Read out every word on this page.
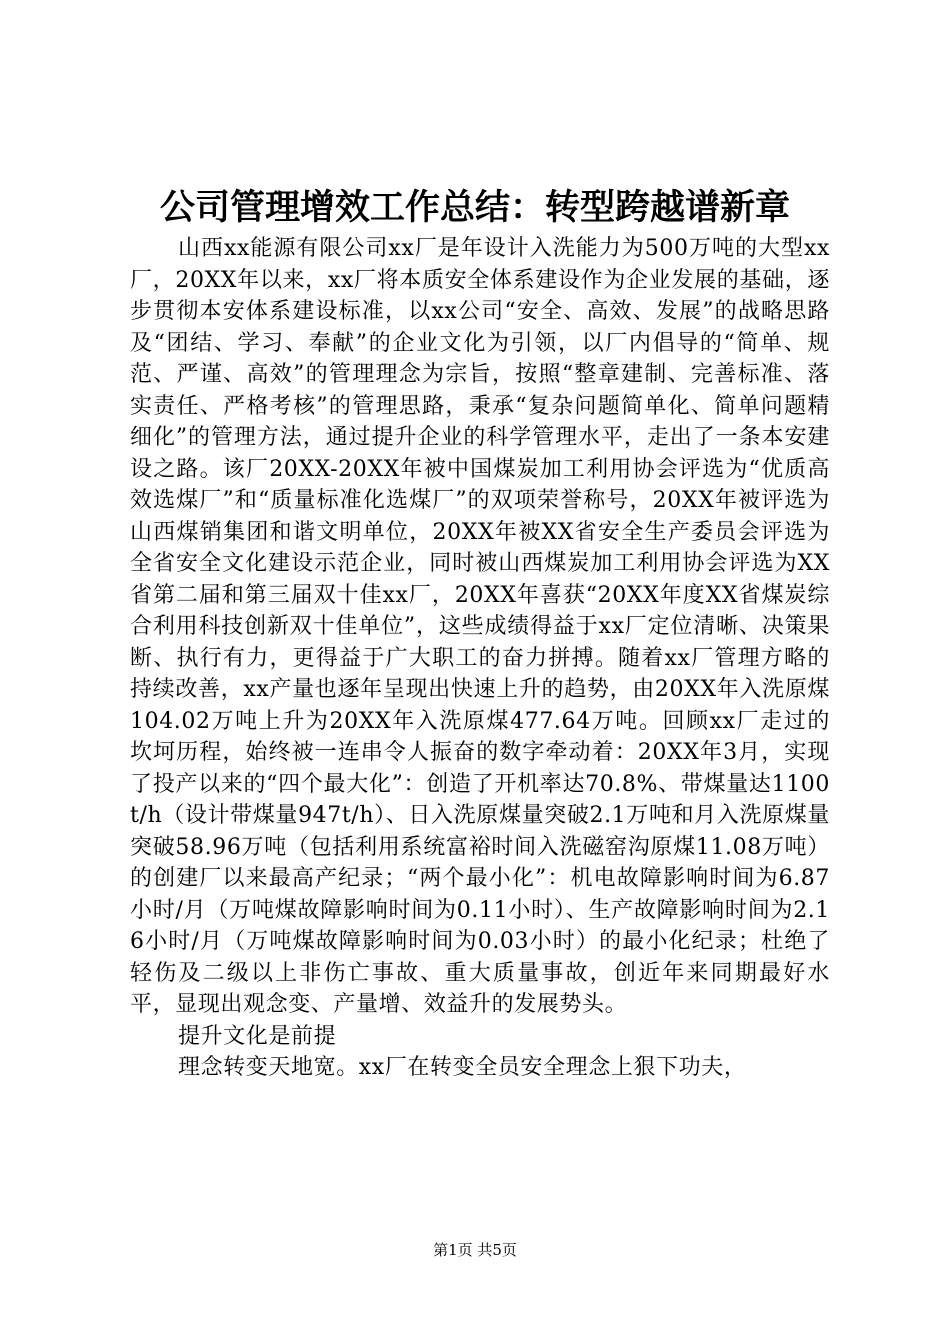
公司管理增效工作总结：转型跨越谱新章

山西xx能源有限公司xx厂是年设计入洗能力为500万吨的大型xx厂，20XX年以来，xx厂将本质安全体系建设作为企业发展的基础，逐步贯彻本安体系建设标准，以xx公司“安全、高效、发展”的战略思路及“团结、学习、奉献”的企业文化为引领，以厂内倡导的“简单、规范、严谨、高效”的管理理念为宗旨，按照“整章建制、完善标准、落实责任、严格考核”的管理思路，秉承“复杂问题简单化、简单问题精细化”的管理方法，通过提升企业的科学管理水平，走出了一条本安建设之路。该厂20XX-20XX年被中国煤炭加工利用协会评选为“优质高效选煤厂”和“质量标准化选煤厂”的双项荣誉称号，20XX年被评选为山西煤销集团和谐文明单位，20XX年被XX省安全生产委员会评选为全省安全文化建设示范企业，同时被山西煤炭加工利用协会评选为XX省第二届和第三届双十佳xx厂，20XX年喜获“20XX年度XX省煤炭综合利用科技创新双十佳单位”，这些成绩得益于xx厂定位清晰、决策果断、执行有力，更得益于广大职工的奋力拼搏。随着xx厂管理方略的持续改善，xx产量也逐年呈现出快速上升的趋势，由20XX年入洗原煤104.02万吨上升为20XX年入洗原煤477.64万吨。回顾xx厂走过的坎坷历程，始终被一连串令人振奋的数字牵动着：20XX年3月，实现了投产以来的“四个最大化”：创造了开机率达70.8%、带煤量达1100t/h（设计带煤量947t/h）、日入洗原煤量突破2.1万吨和月入洗原煤量突破58.96万吨（包括利用系统富裕时间入洗磁窑沟原煤11.08万吨）的创建厂以来最高产纪录；“两个最小化”：机电故障影响时间为6.87小时/月（万吨煤故障影响时间为0.11小时）、生产故障影响时间为2.16小时/月（万吨煤故障影响时间为0.03小时）的最小化纪录；杜绝了轻伤及二级以上非伤亡事故、重大质量事故，创近年来同期最好水平，显现出观念变、产量增、效益升的发展势头。

提升文化是前提

理念转变天地宽。xx厂在转变全员安全理念上狠下功夫，

第1页 共5页
